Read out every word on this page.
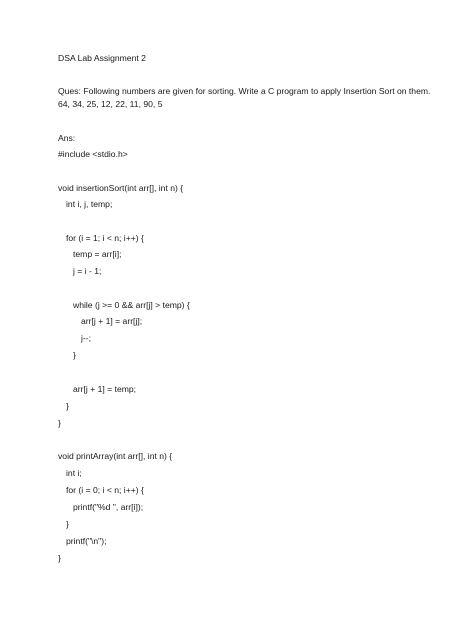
DSA Lab Assignment 2
Ques: Following numbers are given for sorting. Write a C program to apply Insertion Sort on them.
64, 34, 25, 12, 22, 11, 90, 5
Ans:
#include <stdio.h>
void insertionSort(int arr[], int n) {
int i, j, temp;
for (i = 1; i < n; i++) {
temp = arr[i];
j = i - 1;
while (j >= 0 && arr[j] > temp) {
arr[j + 1] = arr[j];
j--;
}
arr[j + 1] = temp;
}
}
void printArray(int arr[], int n) {
int i;
for (i = 0; i < n; i++) {
printf("%d ", arr[i]);
}
printf("\n");
}
